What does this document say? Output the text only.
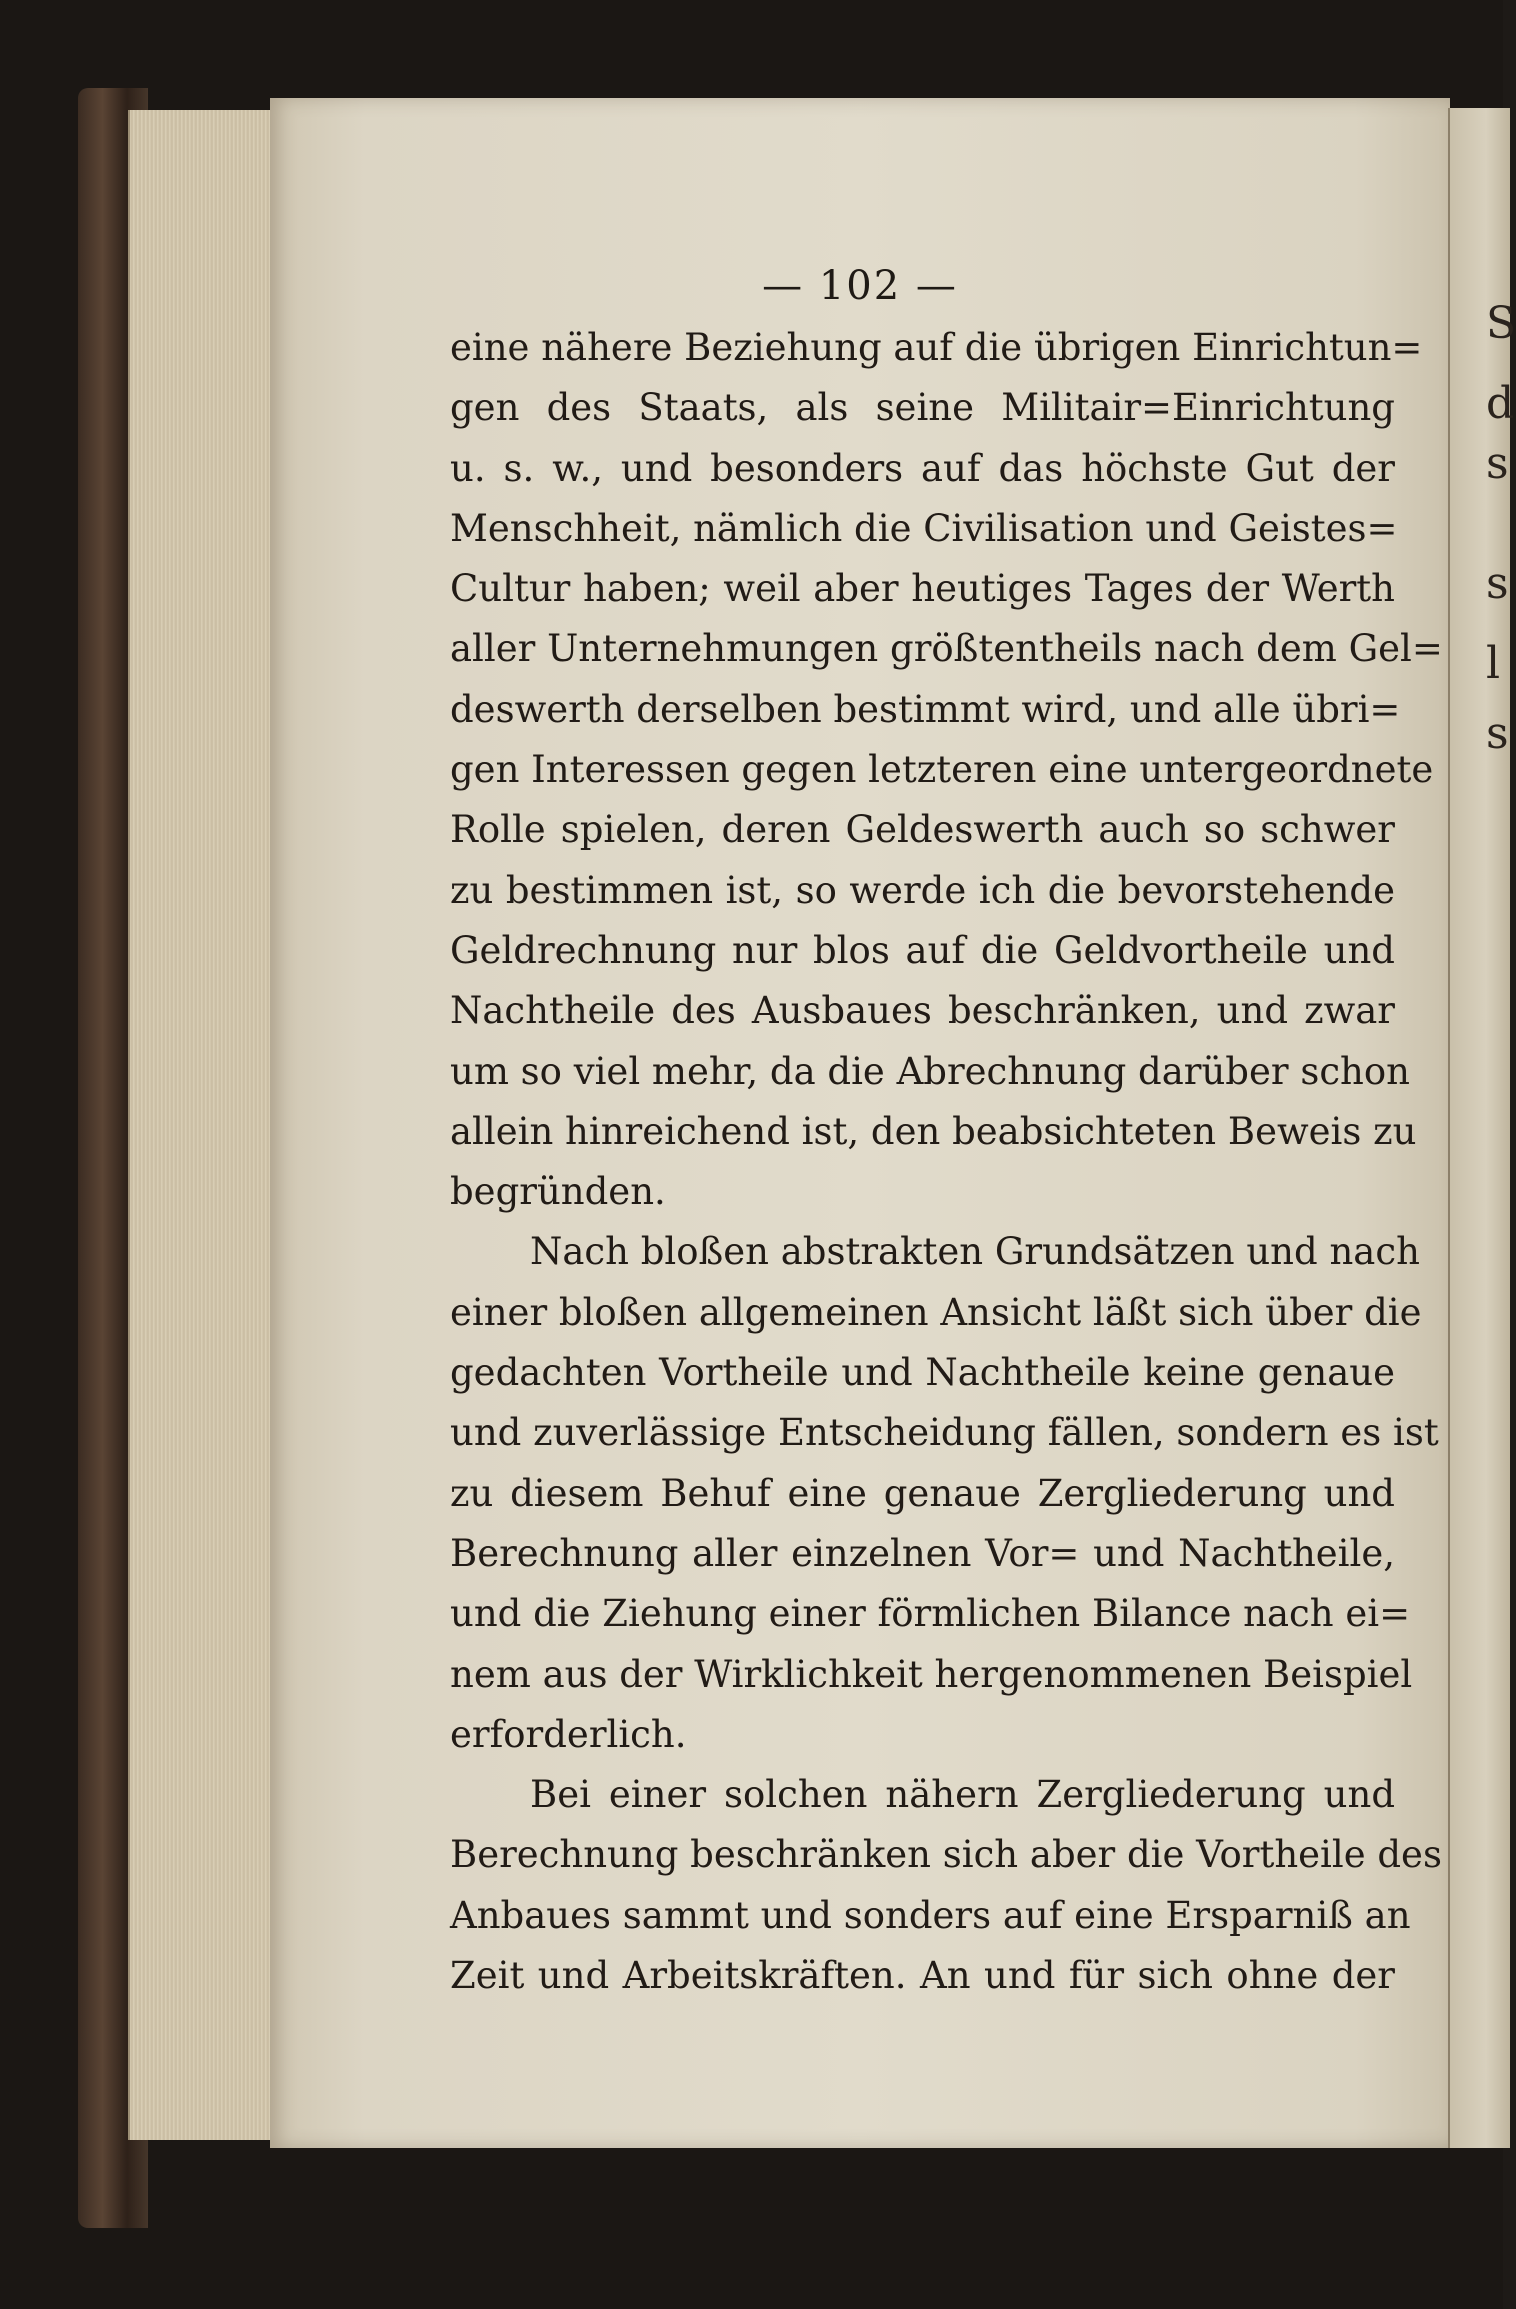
— 102 —
eine nähere Beziehung auf die übrigen Einrichtun=
gen des Staats, als seine Militair=Einrichtung
u. s. w., und besonders auf das höchste Gut der
Menschheit, nämlich die Civilisation und Geistes=
Cultur haben; weil aber heutiges Tages der Werth
aller Unternehmungen größtentheils nach dem Gel=
deswerth derselben bestimmt wird, und alle übri=
gen Interessen gegen letzteren eine untergeordnete
Rolle spielen, deren Geldeswerth auch so schwer
zu bestimmen ist, so werde ich die bevorstehende
Geldrechnung nur blos auf die Geldvortheile und
Nachtheile des Ausbaues beschränken, und zwar
um so viel mehr, da die Abrechnung darüber schon
allein hinreichend ist, den beabsichteten Beweis zu
begründen.
Nach bloßen abstrakten Grundsätzen und nach
einer bloßen allgemeinen Ansicht läßt sich über die
gedachten Vortheile und Nachtheile keine genaue
und zuverlässige Entscheidung fällen, sondern es ist
zu diesem Behuf eine genaue Zergliederung und
Berechnung aller einzelnen Vor= und Nachtheile,
und die Ziehung einer förmlichen Bilance nach ei=
nem aus der Wirklichkeit hergenommenen Beispiel
erforderlich.
Bei einer solchen nähern Zergliederung und
Berechnung beschränken sich aber die Vortheile des
Anbaues sammt und sonders auf eine Ersparniß an
Zeit und Arbeitskräften. An und für sich ohne der
S
d
s
s
l
s
